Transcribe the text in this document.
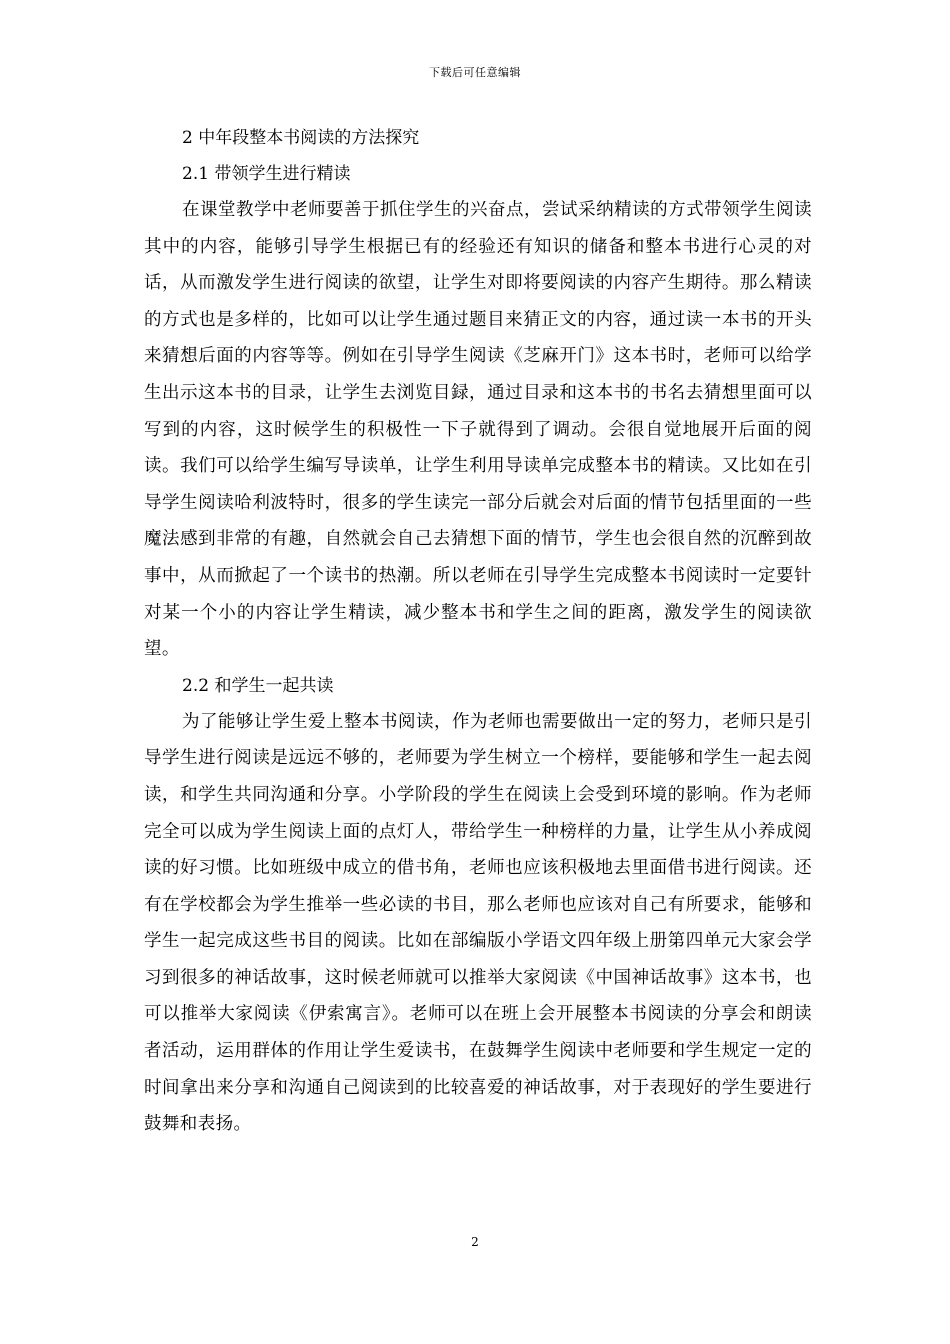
下载后可任意编辑
2 中年段整本书阅读的方法探究
2.1 带领学生进行精读

在课堂教学中老师要善于抓住学生的兴奋点，尝试采纳精读的方式带领学生阅读其中的内容，能够引导学生根据已有的经验还有知识的储备和整本书进行心灵的对话，从而激发学生进行阅读的欲望，让学生对即将要阅读的内容产生期待。那么精读的方式也是多样的，比如可以让学生通过题目来猜正文的内容，通过读一本书的开头来猜想后面的内容等等。例如在引导学生阅读《芝麻开门》这本书时，老师可以给学生出示这本书的目录，让学生去浏览目録，通过目录和这本书的书名去猜想里面可以写到的内容，这时候学生的积极性一下子就得到了调动。会很自觉地展开后面的阅读。我们可以给学生编写导读单，让学生利用导读单完成整本书的精读。又比如在引导学生阅读哈利波特时，很多的学生读完一部分后就会对后面的情节包括里面的一些魔法感到非常的有趣，自然就会自己去猜想下面的情节，学生也会很自然的沉醉到故事中，从而掀起了一个读书的热潮。所以老师在引导学生完成整本书阅读时一定要针对某一个小的内容让学生精读，减少整本书和学生之间的距离，激发学生的阅读欲望。

2.2 和学生一起共读

为了能够让学生爱上整本书阅读，作为老师也需要做出一定的努力，老师只是引导学生进行阅读是远远不够的，老师要为学生树立一个榜样，要能够和学生一起去阅读，和学生共同沟通和分享。小学阶段的学生在阅读上会受到环境的影响。作为老师完全可以成为学生阅读上面的点灯人，带给学生一种榜样的力量，让学生从小养成阅读的好习惯。比如班级中成立的借书角，老师也应该积极地去里面借书进行阅读。还有在学校都会为学生推举一些必读的书目，那么老师也应该对自己有所要求，能够和学生一起完成这些书目的阅读。比如在部编版小学语文四年级上册第四单元大家会学习到很多的神话故事，这时候老师就可以推举大家阅读《中国神话故事》这本书，也可以推举大家阅读《伊索寓言》。老师可以在班上会开展整本书阅读的分享会和朗读者活动，运用群体的作用让学生爱读书，在鼓舞学生阅读中老师要和学生规定一定的时间拿出来分享和沟通自己阅读到的比较喜爱的神话故事，对于表现好的学生要进行鼓舞和表扬。

2
